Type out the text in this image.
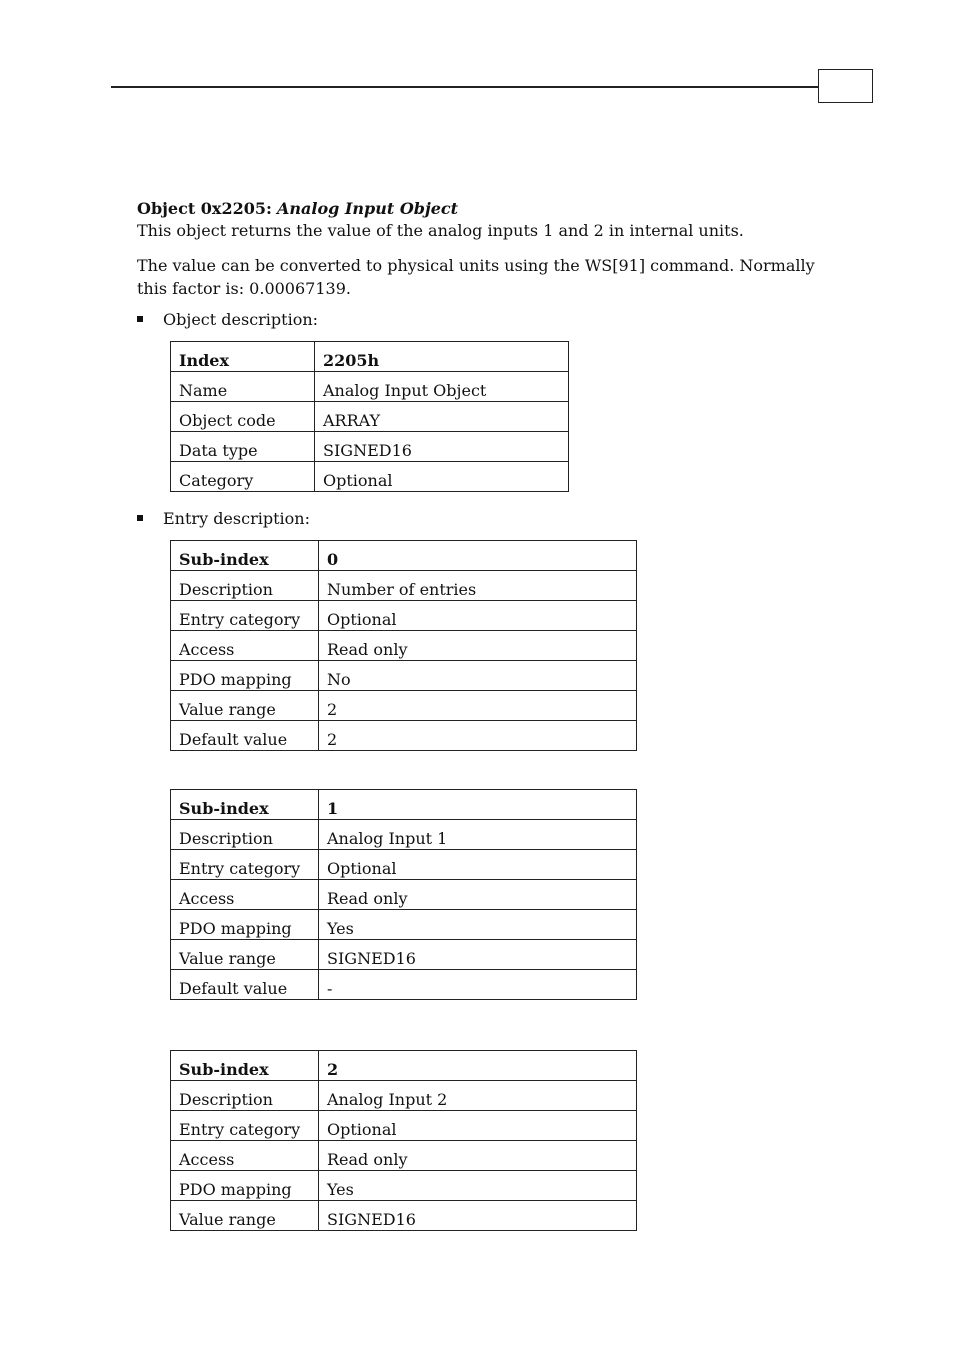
Object 0x2205: Analog Input Object
This object returns the value of the analog inputs 1 and 2 in internal units.
The value can be converted to physical units using the WS[91] command. Normally this factor is: 0.00067139.
Object description:
Index	2205h
Name	Analog Input Object
Object code	ARRAY
Data type	SIGNED16
Category	Optional
Entry description:
Sub-index	0
Description	Number of entries
Entry category	Optional
Access	Read only
PDO mapping	No
Value range	2
Default value	2
Sub-index	1
Description	Analog Input 1
Entry category	Optional
Access	Read only
PDO mapping	Yes
Value range	SIGNED16
Default value	-
Sub-index	2
Description	Analog Input 2
Entry category	Optional
Access	Read only
PDO mapping	Yes
Value range	SIGNED16
